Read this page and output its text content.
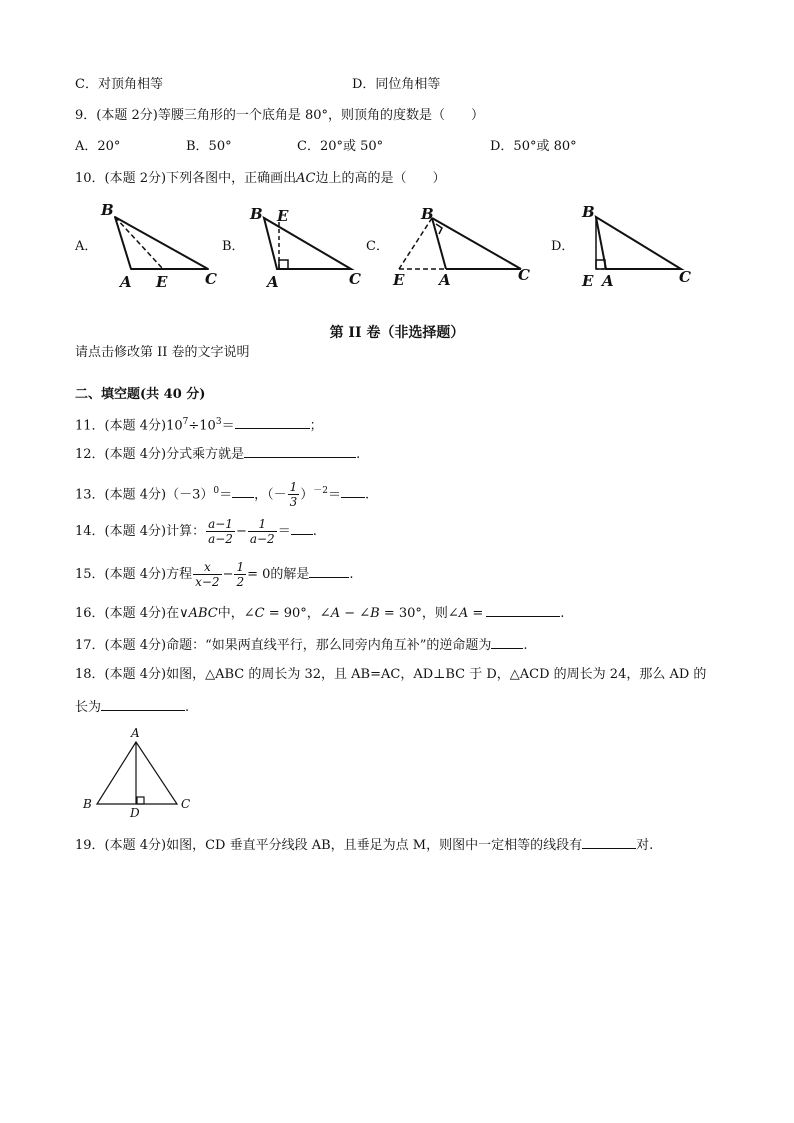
C．对顶角相等	D．同位角相等
9．(本题 2分)等腰三角形的一个底角是 80°，则顶角的度数是（　　）
A．20°	B．50°	C．20°或 50°	D．50°或 80°
10．(本题 2分)下列各图中，正确画出AC边上的高的是（　　）
A．	B．	C．	D．
B
A E	C
B E
A	C
B
E A	C
B
E A	C
第 II 卷（非选择题）
请点击修改第 II 卷的文字说明
二、填空题(共 40 分)
11．(本题 4分)$10^7\div 10^3=$	；
12．(本题 4分)分式乘方就是	.
13．(本题 4分)$(-3)^0=$ ，（－ $\frac{1}{3} )^{-2}=$ .
14．(本题 4分)计算： $\frac{a-1}{a-2} - \frac{1}{a-2}$ ＝ .
15．(本题 4分)方程 $\frac{x}{x-2} - \frac{1}{2} = 0$的解是	.
16．(本题 4分)在∨ABC中，∠C = 90°，∠A − ∠B = 30°，则∠A =	.
17．(本题 4分)命题：“如果两直线平行，那么同旁内角互补”的逆命题为 .
18．(本题 4分)如图，△ABC 的周长为 32，且 AB=AC，AD⊥BC 于 D，△ACD 的周长为 24，那么 AD 的
长为	.
A
B	C
D
19．(本题 4分)如图，CD 垂直平分线段 AB，且垂足为点 M，则图中一定相等的线段有	对.
